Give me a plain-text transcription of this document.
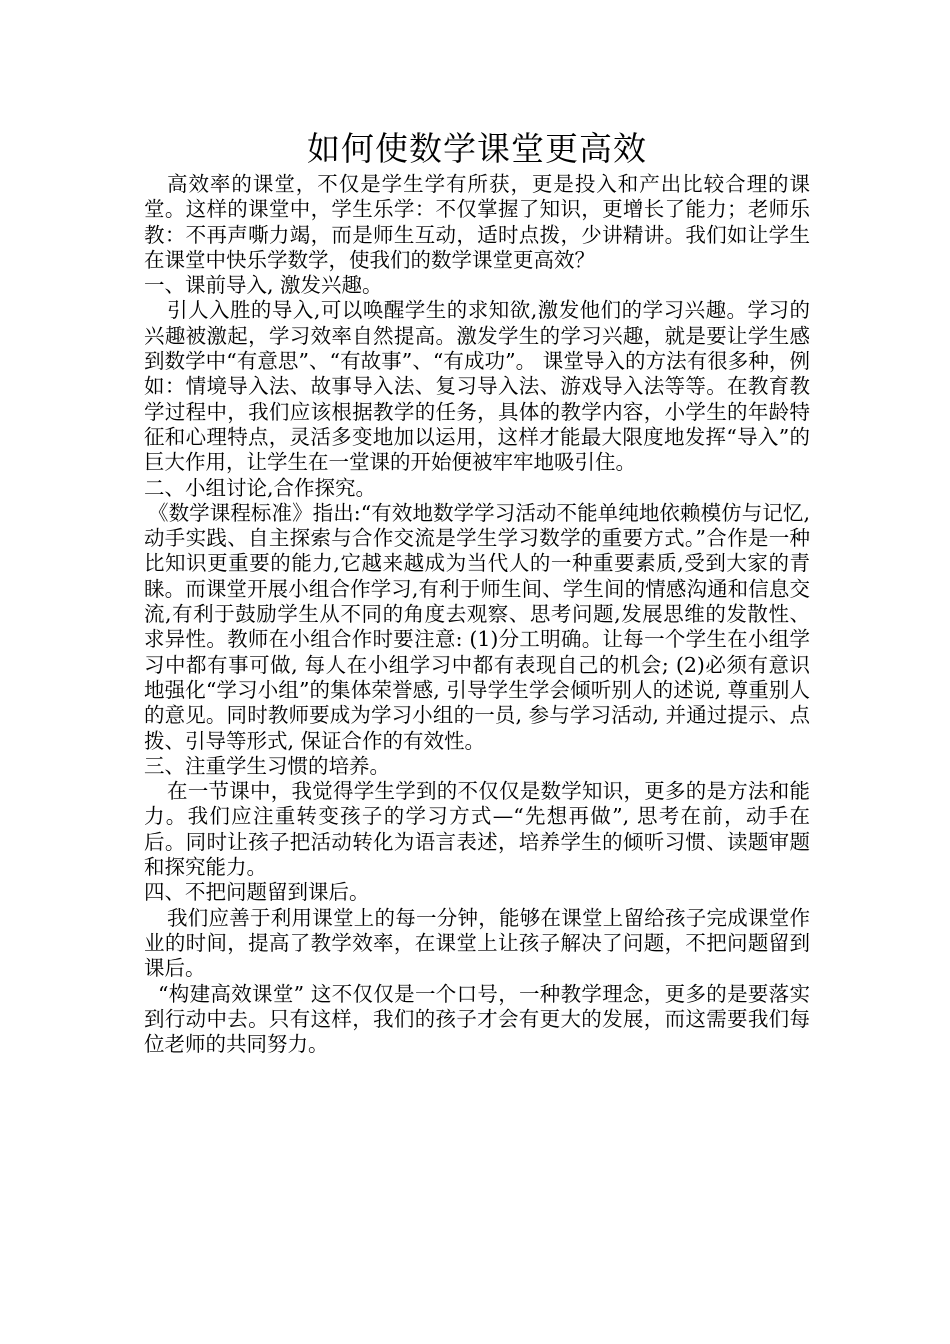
如何使数学课堂更高效

高效率的课堂，不仅是学生学有所获，更是投入和产出比较合理的课堂。这样的课堂中，学生乐学：不仅掌握了知识，更增长了能力；老师乐教：不再声嘶力竭，而是师生互动，适时点拨，少讲精讲。我们如让学生在课堂中快乐学数学，使我们的数学课堂更高效？

一、课前导入, 激发兴趣。

引人入胜的导入,可以唤醒学生的求知欲,激发他们的学习兴趣。学习的兴趣被激起，学习效率自然提高。激发学生的学习兴趣，就是要让学生感到数学中“有意思”、“有故事”、“有成功”。 课堂导入的方法有很多种，例如：情境导入法、故事导入法、复习导入法、游戏导入法等等。在教育教学过程中，我们应该根据教学的任务，具体的教学内容，小学生的年龄特征和心理特点，灵活多变地加以运用，这样才能最大限度地发挥“导入”的巨大作用，让学生在一堂课的开始便被牢牢地吸引住。

二、小组讨论,合作探究。

《数学课程标准》指出:“有效地数学学习活动不能单纯地依赖模仿与记忆,动手实践、自主探索与合作交流是学生学习数学的重要方式。”合作是一种比知识更重要的能力,它越来越成为当代人的一种重要素质,受到大家的青睐。而课堂开展小组合作学习,有利于师生间、学生间的情感沟通和信息交流,有利于鼓励学生从不同的角度去观察、思考问题,发展思维的发散性、求异性。教师在小组合作时要注意: (1)分工明确。让每一个学生在小组学习中都有事可做, 每人在小组学习中都有表现自己的机会; (2)必须有意识地强化“学习小组”的集体荣誉感, 引导学生学会倾听别人的述说, 尊重别人的意见。同时教师要成为学习小组的一员, 参与学习活动, 并通过提示、点拨、引导等形式, 保证合作的有效性。

三、注重学生习惯的培养。

在一节课中，我觉得学生学到的不仅仅是数学知识，更多的是方法和能力。我们应注重转变孩子的学习方式—“先想再做”, 思考在前，动手在后。同时让孩子把活动转化为语言表述，培养学生的倾听习惯、读题审题和探究能力。

四、不把问题留到课后。

我们应善于利用课堂上的每一分钟，能够在课堂上留给孩子完成课堂作业的时间，提高了教学效率，在课堂上让孩子解决了问题，不把问题留到课后。

“构建高效课堂” 这不仅仅是一个口号，一种教学理念，更多的是要落实到行动中去。只有这样，我们的孩子才会有更大的发展，而这需要我们每位老师的共同努力。
